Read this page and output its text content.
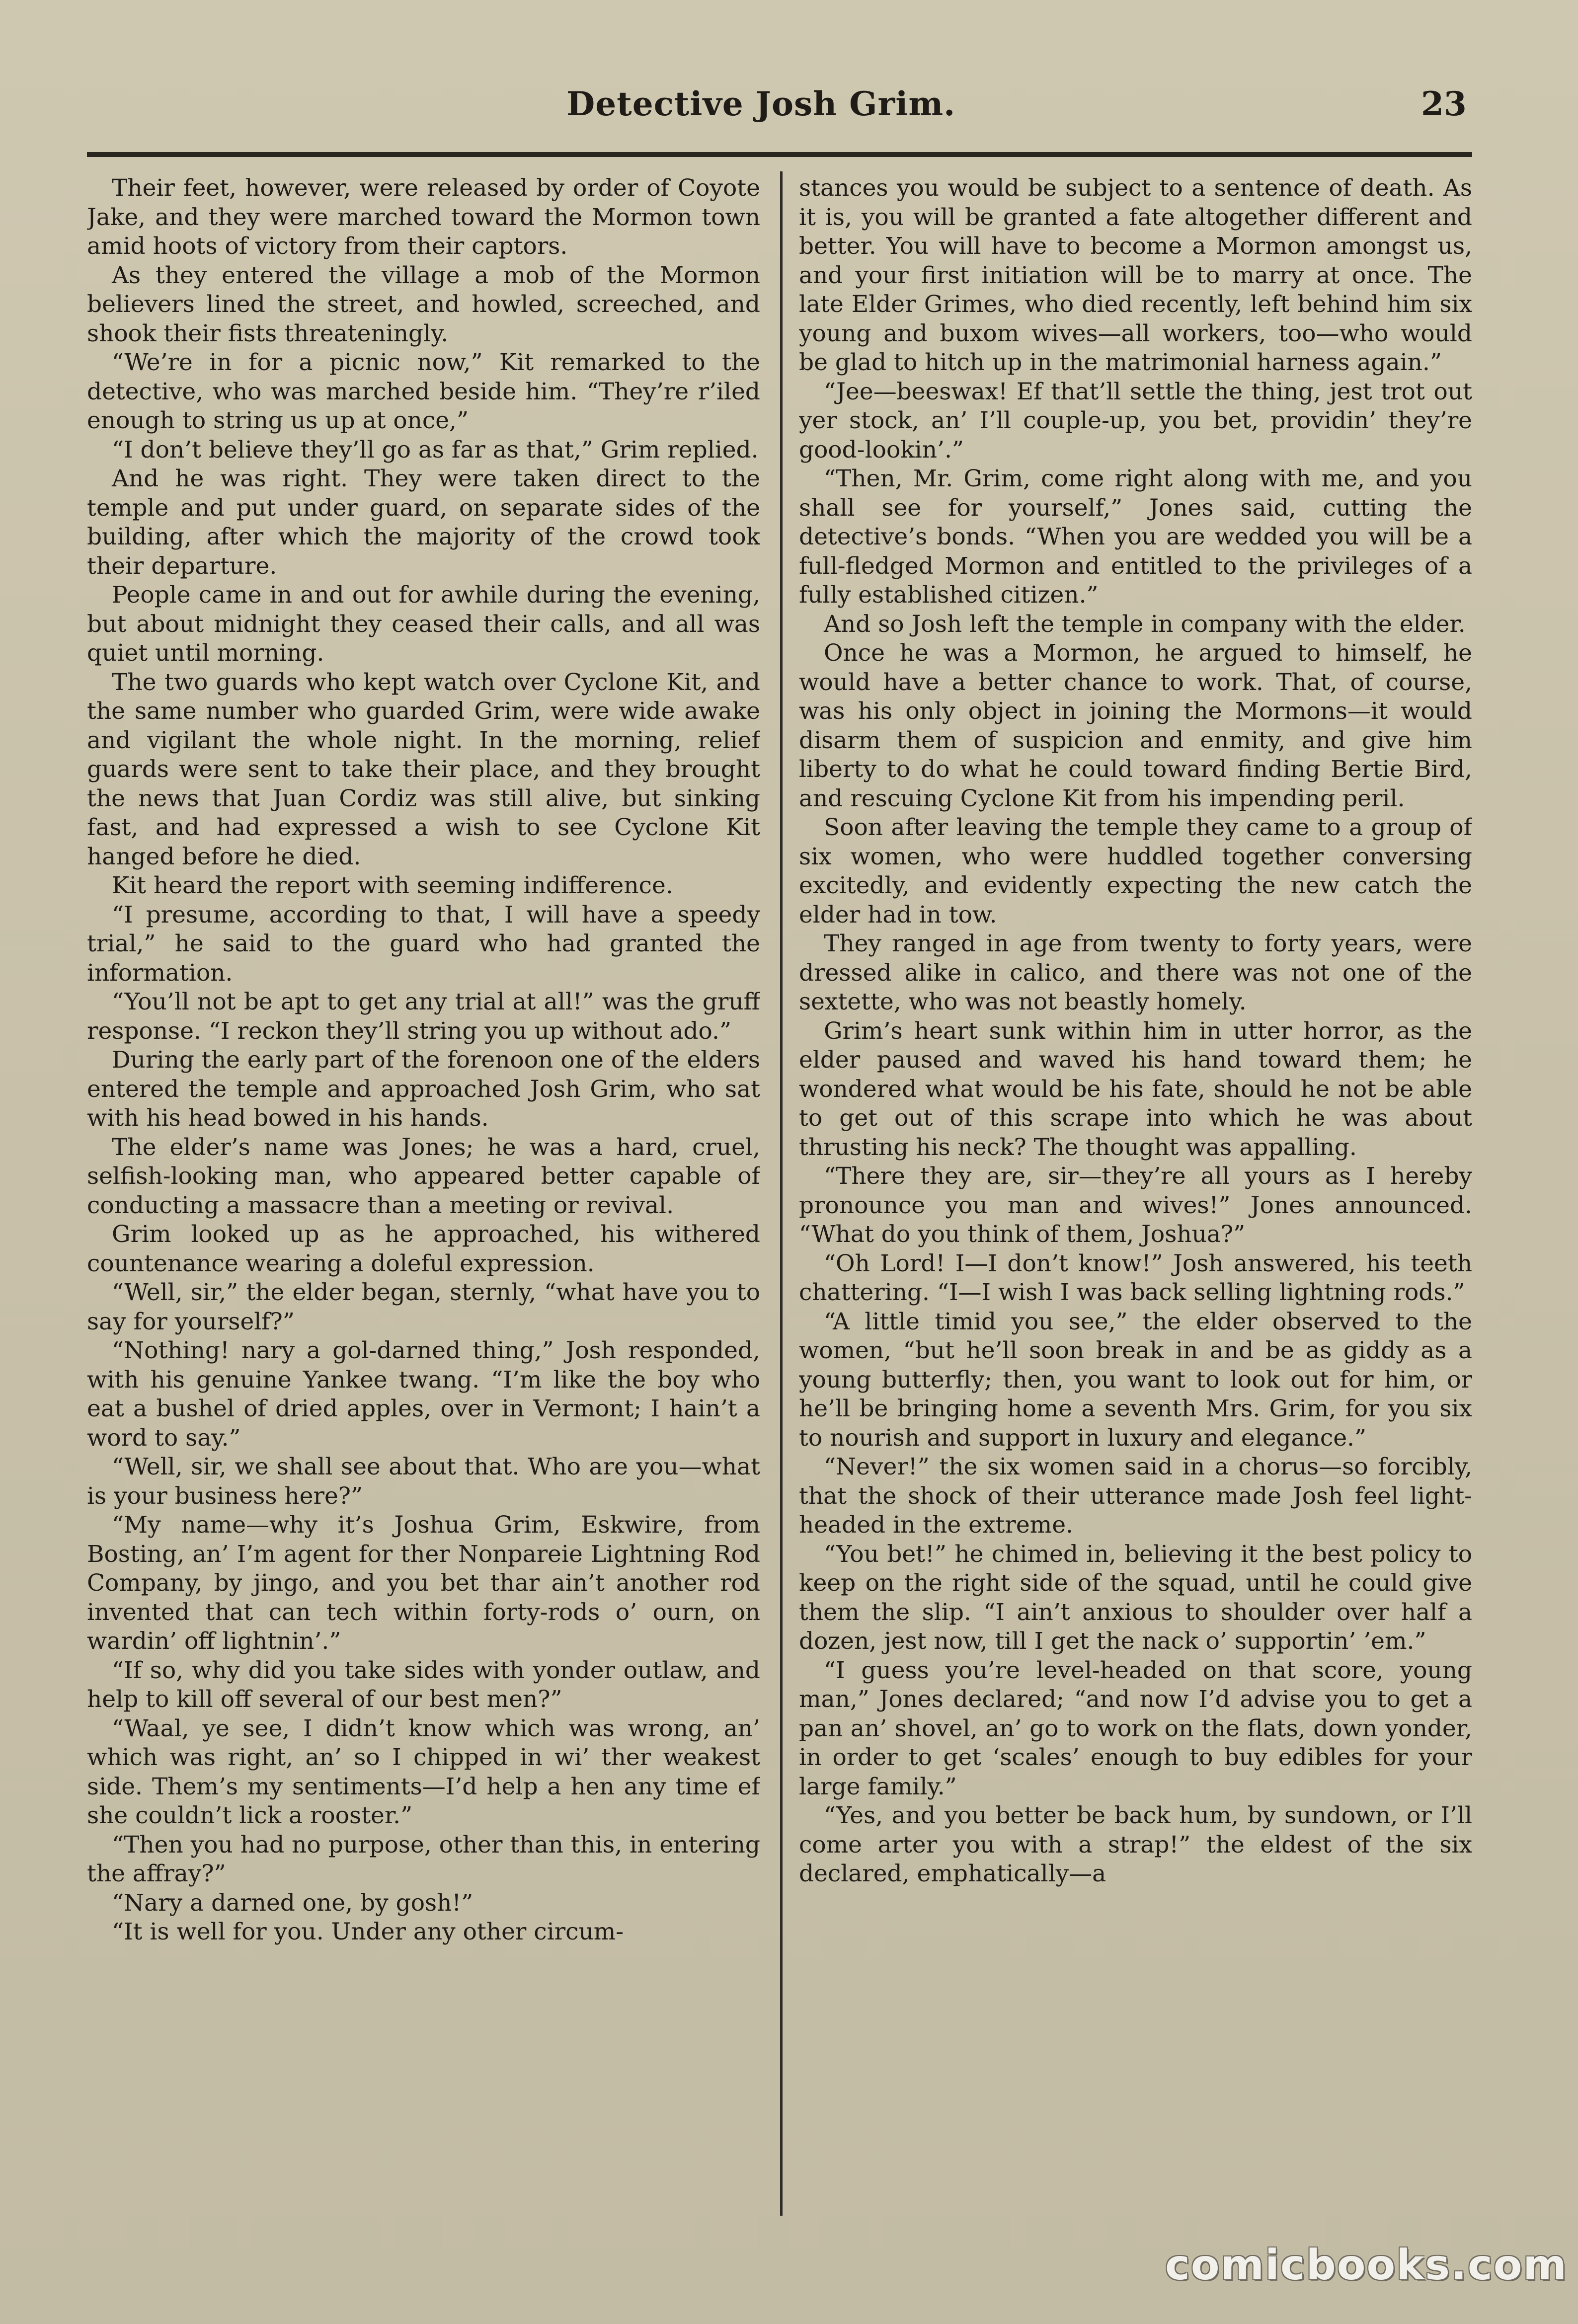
Detective Josh Grim.	23

Their feet, however, were released by order of Coyote Jake, and they were marched toward the Mormon town amid hoots of victory from their captors.

As they entered the village a mob of the Mormon believers lined the street, and howled, screeched, and shook their fists threateningly.

“We’re in for a picnic now,” Kit remarked to the detective, who was marched beside him. “They’re r’iled enough to string us up at once,”

“I don’t believe they’ll go as far as that,” Grim replied.

And he was right. They were taken direct to the temple and put under guard, on separate sides of the building, after which the majority of the crowd took their departure.

People came in and out for awhile during the evening, but about midnight they ceased their calls, and all was quiet until morning.

The two guards who kept watch over Cyclone Kit, and the same number who guarded Grim, were wide awake and vigilant the whole night. In the morning, relief guards were sent to take their place, and they brought the news that Juan Cordiz was still alive, but sinking fast, and had expressed a wish to see Cyclone Kit hanged before he died.

Kit heard the report with seeming indifference.

“I presume, according to that, I will have a speedy trial,” he said to the guard who had granted the information.

“You’ll not be apt to get any trial at all!” was the gruff response. “I reckon they’ll string you up without ado.”

During the early part of the forenoon one of the elders entered the temple and approached Josh Grim, who sat with his head bowed in his hands.

The elder’s name was Jones; he was a hard, cruel, selfish-looking man, who appeared better capable of conducting a massacre than a meeting or revival.

Grim looked up as he approached, his withered countenance wearing a doleful expression.

“Well, sir,” the elder began, sternly, “what have you to say for yourself?”

“Nothing! nary a gol-darned thing,” Josh responded, with his genuine Yankee twang. “I’m like the boy who eat a bushel of dried apples, over in Vermont; I hain’t a word to say.”

“Well, sir, we shall see about that. Who are you—what is your business here?”

“My name—why it’s Joshua Grim, Eskwire, from Bosting, an’ I’m agent for ther Nonpareie Lightning Rod Company, by jingo, and you bet thar ain’t another rod invented that can tech within forty-rods o’ ourn, on wardin’ off lightnin’.”

“If so, why did you take sides with yonder outlaw, and help to kill off several of our best men?”

“Waal, ye see, I didn’t know which was wrong, an’ which was right, an’ so I chipped in wi’ ther weakest side. Them’s my sentiments—I’d help a hen any time ef she couldn’t lick a rooster.”

“Then you had no purpose, other than this, in entering the affray?”

“Nary a darned one, by gosh!”

“It is well for you. Under any other circum-

stances you would be subject to a sentence of death. As it is, you will be granted a fate altogether different and better. You will have to become a Mormon amongst us, and your first initiation will be to marry at once. The late Elder Grimes, who died recently, left behind him six young and buxom wives—all workers, too—who would be glad to hitch up in the matrimonial harness again.”

“Jee—beeswax! Ef that’ll settle the thing, jest trot out yer stock, an’ I’ll couple-up, you bet, providin’ they’re good-lookin’.”

“Then, Mr. Grim, come right along with me, and you shall see for yourself,” Jones said, cutting the detective’s bonds. “When you are wedded you will be a full-fledged Mormon and entitled to the privileges of a fully established citizen.”

And so Josh left the temple in company with the elder.

Once he was a Mormon, he argued to himself, he would have a better chance to work. That, of course, was his only object in joining the Mormons—it would disarm them of suspicion and enmity, and give him liberty to do what he could toward finding Bertie Bird, and rescuing Cyclone Kit from his impending peril.

Soon after leaving the temple they came to a group of six women, who were huddled together conversing excitedly, and evidently expecting the new catch the elder had in tow.

They ranged in age from twenty to forty years, were dressed alike in calico, and there was not one of the sextette, who was not beastly homely.

Grim’s heart sunk within him in utter horror, as the elder paused and waved his hand toward them; he wondered what would be his fate, should he not be able to get out of this scrape into which he was about thrusting his neck? The thought was appalling.

“There they are, sir—they’re all yours as I hereby pronounce you man and wives!” Jones announced. “What do you think of them, Joshua?”

“Oh Lord! I—I don’t know!” Josh answered, his teeth chattering. “I—I wish I was back selling lightning rods.”

“A little timid you see,” the elder observed to the women, “but he’ll soon break in and be as giddy as a young butterfly; then, you want to look out for him, or he’ll be bringing home a seventh Mrs. Grim, for you six to nourish and support in luxury and elegance.”

“Never!” the six women said in a chorus—so forcibly, that the shock of their utterance made Josh feel light-headed in the extreme.

“You bet!” he chimed in, believing it the best policy to keep on the right side of the squad, until he could give them the slip. “I ain’t anxious to shoulder over half a dozen, jest now, till I get the nack o’ supportin’ ’em.”

“I guess you’re level-headed on that score, young man,” Jones declared; “and now I’d advise you to get a pan an’ shovel, an’ go to work on the flats, down yonder, in order to get ‘scales’ enough to buy edibles for your large family.”

“Yes, and you better be back hum, by sundown, or I’ll come arter you with a strap!” the eldest of the six declared, emphatically—a

comicbooks.com
